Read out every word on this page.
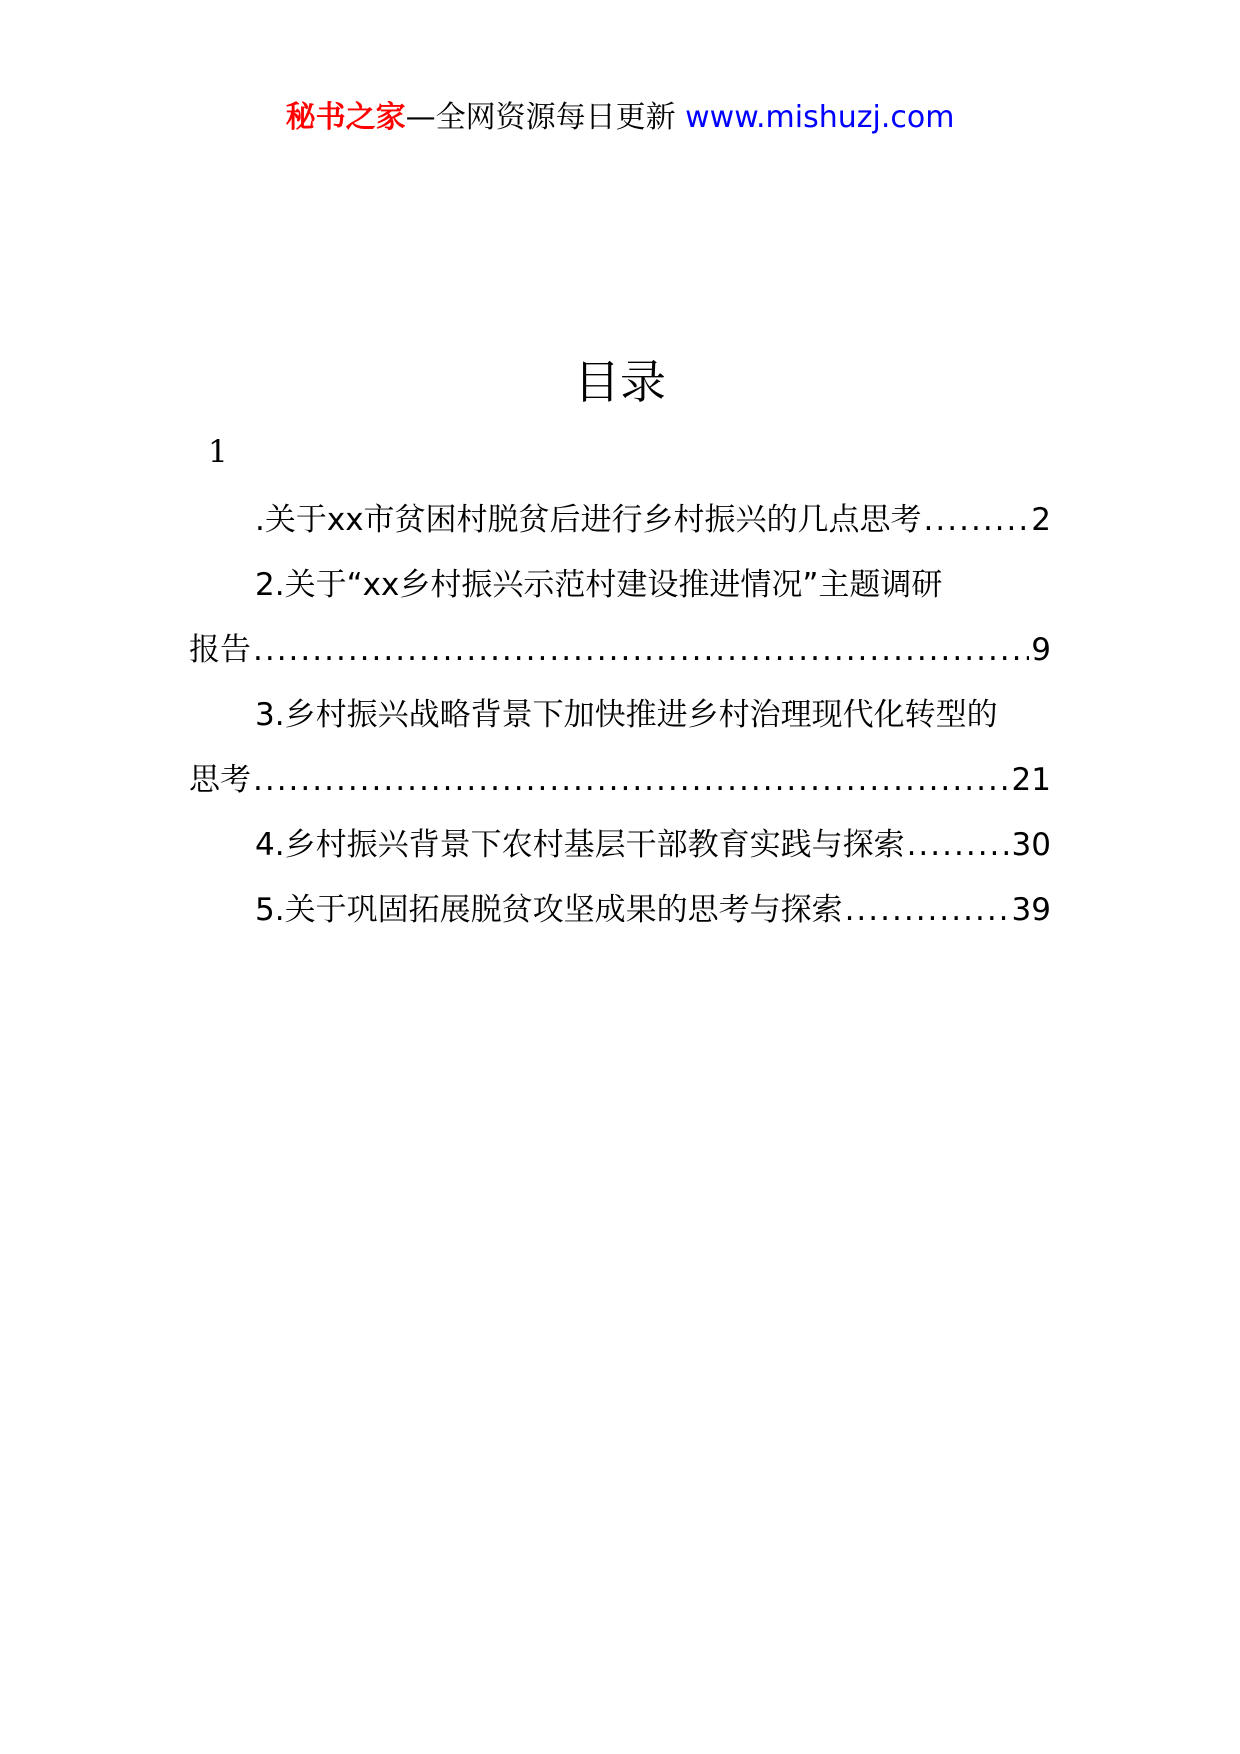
秘书之家—全网资源每日更新 www.mishuzj.com
目录
1
.关于xx市贫困村脱贫后进行乡村振兴的几点思考 .....	2
2.关于“xx乡村振兴示范村建设推进情况”主题调研
报告 .....	9
3.乡村振兴战略背景下加快推进乡村治理现代化转型的
思考 .....	21
4.乡村振兴背景下农村基层干部教育实践与探索 .....	30
5.关于巩固拓展脱贫攻坚成果的思考与探索 .....	39
